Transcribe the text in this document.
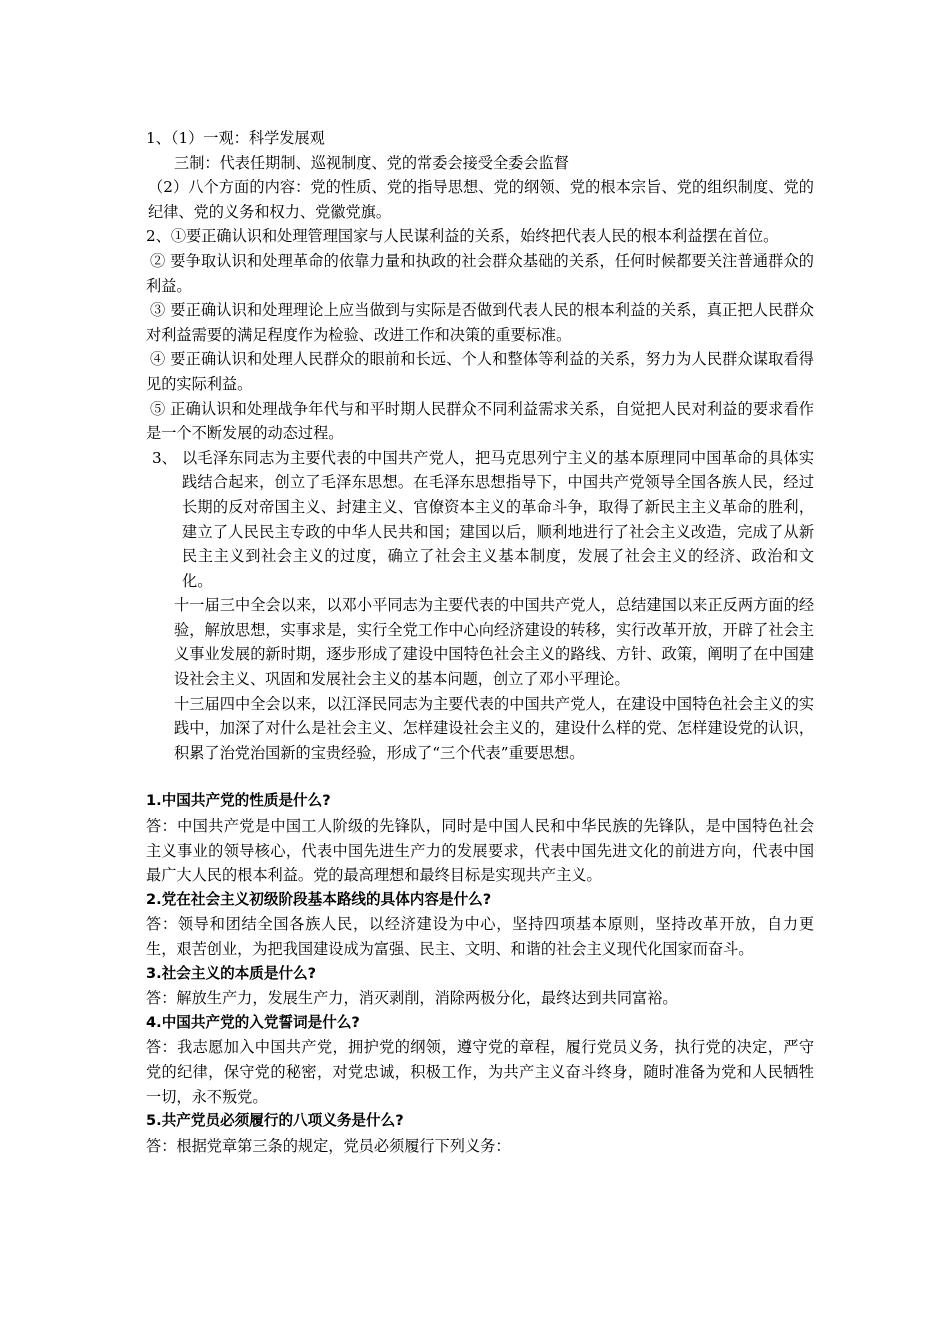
1、（1）一观：科学发展观

三制：代表任期制、巡视制度、党的常委会接受全委会监督

（2）八个方面的内容：党的性质、党的指导思想、党的纲领、党的根本宗旨、党的组织制度、党的纪律、党的义务和权力、党徽党旗。

2、①要正确认识和处理管理国家与人民谋利益的关系，始终把代表人民的根本利益摆在首位。

② 要争取认识和处理革命的依靠力量和执政的社会群众基础的关系，任何时候都要关注普通群众的利益。

③ 要正确认识和处理理论上应当做到与实际是否做到代表人民的根本利益的关系，真正把人民群众对利益需要的满足程度作为检验、改进工作和决策的重要标准。

④ 要正确认识和处理人民群众的眼前和长远、个人和整体等利益的关系，努力为人民群众谋取看得见的实际利益。

⑤ 正确认识和处理战争年代与和平时期人民群众不同利益需求关系，自觉把人民对利益的要求看作是一个不断发展的动态过程。

3、 以毛泽东同志为主要代表的中国共产党人，把马克思列宁主义的基本原理同中国革命的具体实践结合起来，创立了毛泽东思想。在毛泽东思想指导下，中国共产党领导全国各族人民，经过长期的反对帝国主义、封建主义、官僚资本主义的革命斗争，取得了新民主主义革命的胜利，建立了人民民主专政的中华人民共和国；建国以后，顺利地进行了社会主义改造，完成了从新民主主义到社会主义的过度，确立了社会主义基本制度，发展了社会主义的经济、政治和文化。

十一届三中全会以来，以邓小平同志为主要代表的中国共产党人，总结建国以来正反两方面的经验，解放思想，实事求是，实行全党工作中心向经济建设的转移，实行改革开放，开辟了社会主义事业发展的新时期，逐步形成了建设中国特色社会主义的路线、方针、政策，阐明了在中国建设社会主义、巩固和发展社会主义的基本问题，创立了邓小平理论。

十三届四中全会以来，以江泽民同志为主要代表的中国共产党人，在建设中国特色社会主义的实践中，加深了对什么是社会主义、怎样建设社会主义的，建设什么样的党、怎样建设党的认识，积累了治党治国新的宝贵经验，形成了“三个代表”重要思想。

1.中国共产党的性质是什么?

答：中国共产党是中国工人阶级的先锋队，同时是中国人民和中华民族的先锋队，是中国特色社会主义事业的领导核心，代表中国先进生产力的发展要求，代表中国先进文化的前进方向，代表中国最广大人民的根本利益。党的最高理想和最终目标是实现共产主义。

2.党在社会主义初级阶段基本路线的具体内容是什么?

答：领导和团结全国各族人民，以经济建设为中心，坚持四项基本原则，坚持改革开放，自力更生，艰苦创业，为把我国建设成为富强、民主、文明、和谐的社会主义现代化国家而奋斗。

3.社会主义的本质是什么?

答：解放生产力，发展生产力，消灭剥削，消除两极分化，最终达到共同富裕。

4.中国共产党的入党誓词是什么?

答：我志愿加入中国共产党，拥护党的纲领，遵守党的章程，履行党员义务，执行党的决定，严守党的纪律，保守党的秘密，对党忠诚，积极工作，为共产主义奋斗终身，随时准备为党和人民牺牲一切，永不叛党。

5.共产党员必须履行的八项义务是什么?

答：根据党章第三条的规定，党员必须履行下列义务：
